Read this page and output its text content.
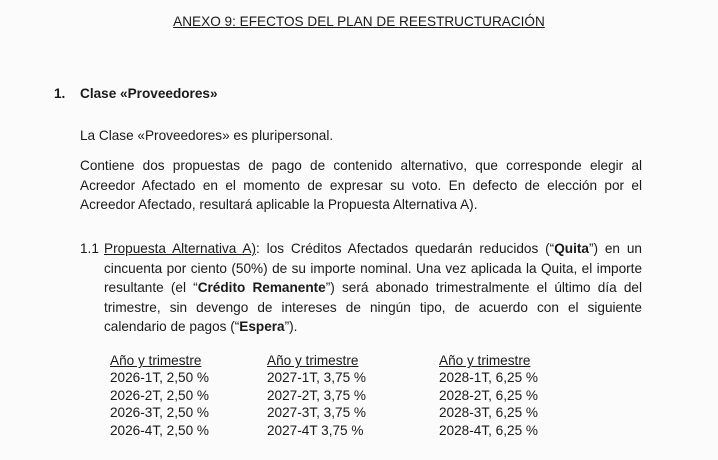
ANEXO 9: EFECTOS DEL PLAN DE REESTRUCTURACIÓN
1. Clase «Proveedores»
La Clase «Proveedores» es pluripersonal.
Contiene dos propuestas de pago de contenido alternativo, que corresponde elegir al Acreedor Afectado en el momento de expresar su voto. En defecto de elección por el Acreedor Afectado, resultará aplicable la Propuesta Alternativa A).
1.1 Propuesta Alternativa A): los Créditos Afectados quedarán reducidos (“Quita”) en un cincuenta por ciento (50%) de su importe nominal. Una vez aplicada la Quita, el importe resultante (el “Crédito Remanente”) será abonado trimestralmente el último día del trimestre, sin devengo de intereses de ningún tipo, de acuerdo con el siguiente calendario de pagos (“Espera”).
Año y trimestre
2026-1T, 2,50 %
2026-2T, 2,50 %
2026-3T, 2,50 %
2026-4T, 2,50 %
Año y trimestre
2027-1T, 3,75 %
2027-2T, 3,75 %
2027-3T, 3,75 %
2027-4T 3,75 %
Año y trimestre
2028-1T, 6,25 %
2028-2T, 6,25 %
2028-3T, 6,25 %
2028-4T, 6,25 %
